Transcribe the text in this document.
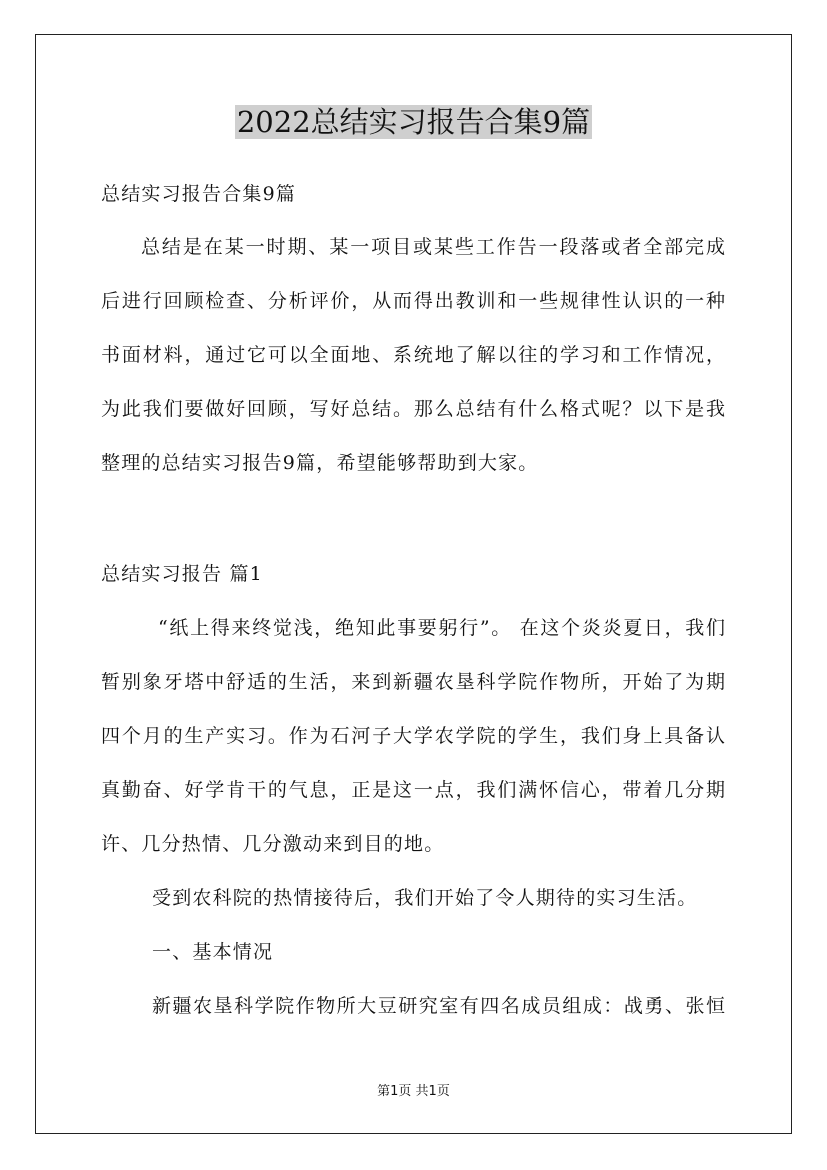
2022总结实习报告合集9篇
总结实习报告合集9篇
总结是在某一时期、某一项目或某些工作告一段落或者全部完成
后进行回顾检查、分析评价，从而得出教训和一些规律性认识的一种
书面材料，通过它可以全面地、系统地了解以往的学习和工作情况，
为此我们要做好回顾，写好总结。那么总结有什么格式呢？以下是我
整理的总结实习报告9篇，希望能够帮助到大家。
总结实习报告 篇1
“纸上得来终觉浅，绝知此事要躬行”。 在这个炎炎夏日，我们
暂别象牙塔中舒适的生活，来到新疆农垦科学院作物所，开始了为期
四个月的生产实习。作为石河子大学农学院的学生，我们身上具备认
真勤奋、好学肯干的气息，正是这一点，我们满怀信心，带着几分期
许、几分热情、几分激动来到目的地。
受到农科院的热情接待后，我们开始了令人期待的实习生活。
一、基本情况
新疆农垦科学院作物所大豆研究室有四名成员组成：战勇、张恒
第1页 共1页
